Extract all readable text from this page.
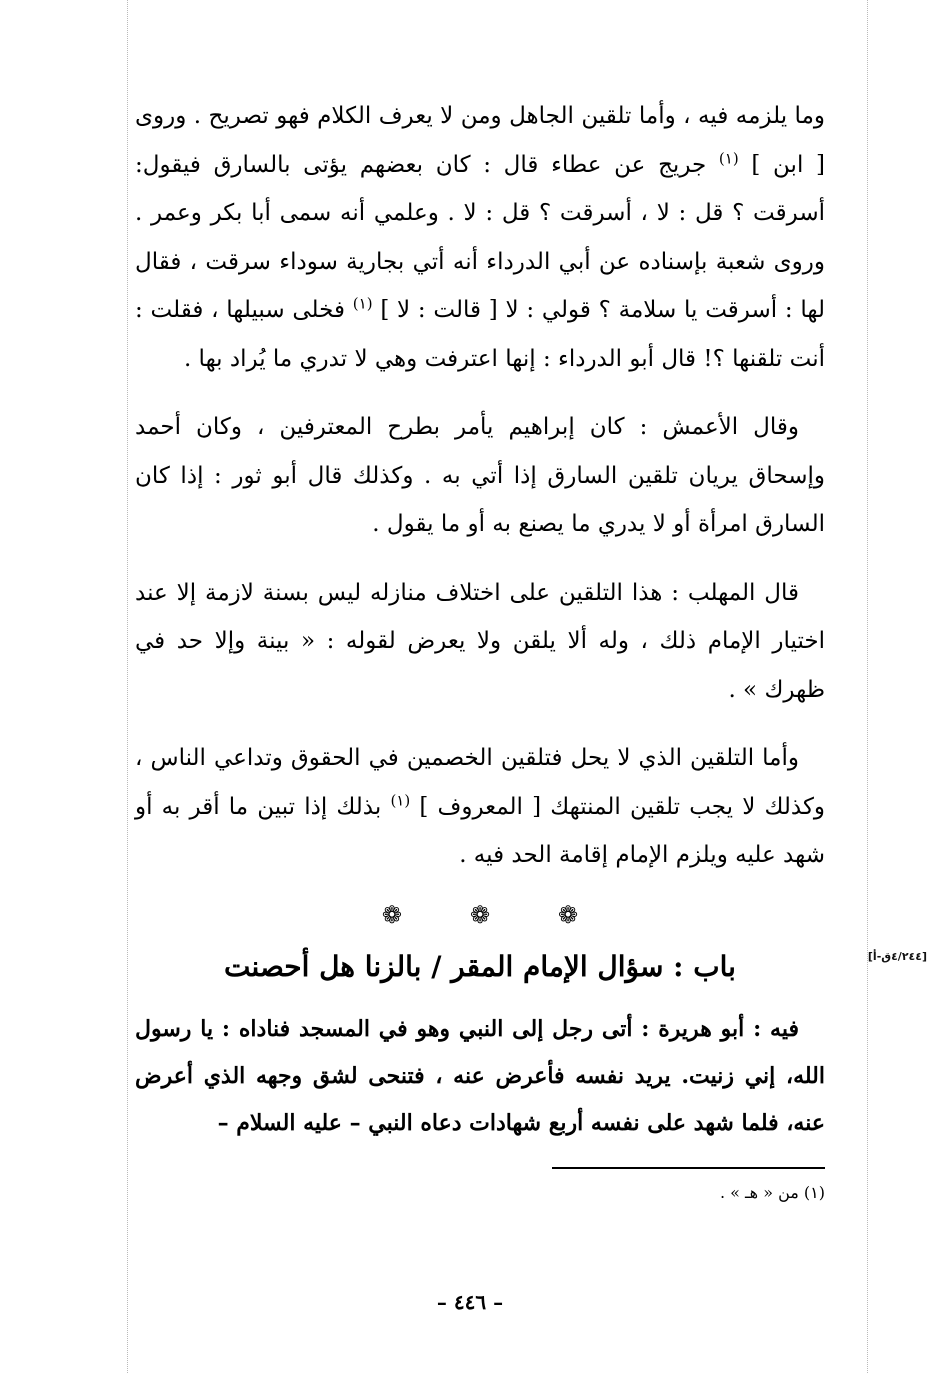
وما يلزمه فيه ، وأما تلقين الجاهل ومن لا يعرف الكلام فهو تصريح . وروى [ ابن ] $^{(١)}$ جريج عن عطاء قال : كان بعضهم يؤتى بالسارق فيقول: أسرقت ؟ قل : لا ، أسرقت ؟ قل : لا . وعلمي أنه سمى أبا بكر وعمر . وروى شعبة بإسناده عن أبي الدرداء أنه أتي بجارية سوداء سرقت ، فقال لها : أسرقت يا سلامة ؟ قولي : لا [ قالت : لا ] $^{(١)}$ فخلى سبيلها ، فقلت : أنت تلقنها ؟! قال أبو الدرداء : إنها اعترفت وهي لا تدري ما يُراد بها .

وقال الأعمش : كان إبراهيم يأمر بطرح المعترفين ، وكان أحمد وإسحاق يريان تلقين السارق إذا أتي به . وكذلك قال أبو ثور : إذا كان السارق امرأة أو لا يدري ما يصنع به أو ما يقول .

قال المهلب : هذا التلقين على اختلاف منازله ليس بسنة لازمة إلا عند اختيار الإمام ذلك ، وله ألا يلقن ولا يعرض لقوله : « بينة وإلا حد في ظهرك » .

وأما التلقين الذي لا يحل فتلقين الخصمين في الحقوق وتداعي الناس ، وكذلك لا يجب تلقين المنتهك [ المعروف ] $^{(١)}$ بذلك إذا تبين ما أقر به أو شهد عليه ويلزم الإمام إقامة الحد فيه .

❁	❁	❁
باب : سؤال الإمام المقر / بالزنا هل أحصنت	[٤/٢٤٤ق-أ]

فيه : أبو هريرة : أتى رجل إلى النبي وهو في المسجد فناداه : يا رسول الله، إني زنيت. يريد نفسه فأعرض عنه ، فتنحى لشق وجهه الذي أعرض عنه، فلما شهد على نفسه أربع شهادات دعاه النبي – عليه السلام –

(١) من « هـ » .

– ٤٤٦ –
